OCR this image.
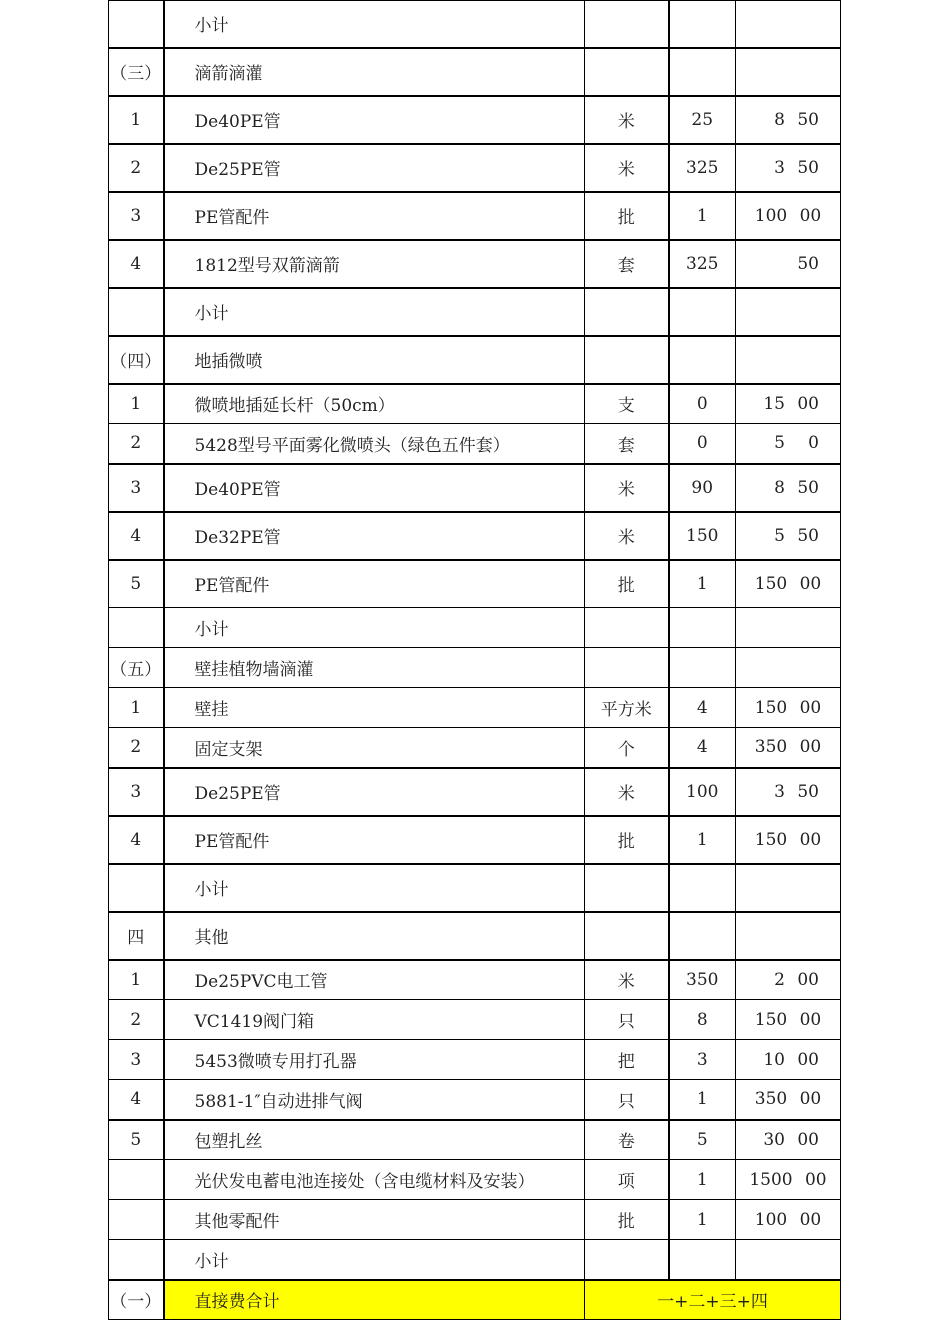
	小计			
（三）	滴箭滴灌			
1	De40PE管	米	25	8 50
2	De25PE管	米	325	3 50
3	PE管配件	批	1	100 00
4	1812型号双箭滴箭	套	325	50
	小计			
（四）	地插微喷			
1	微喷地插延长杆（50cm）	支	0	15 00
2	5428型号平面雾化微喷头（绿色五件套）	套	0	5 0
3	De40PE管	米	90	8 50
4	De32PE管	米	150	5 50
5	PE管配件	批	1	150 00
	小计			
（五）	壁挂植物墙滴灌			
1	壁挂	平方米	4	150 00
2	固定支架	个	4	350 00
3	De25PE管	米	100	3 50
4	PE管配件	批	1	150 00
	小计			
四	其他			
1	De25PVC电工管	米	350	2 00
2	VC1419阀门箱	只	8	150 00
3	5453微喷专用打孔器	把	3	10 00
4	5881-1″自动进排气阀	只	1	350 00
5	包塑扎丝	卷	5	30 00
	光伏发电蓄电池连接处（含电缆材料及安装）	项	1	1500 00
	其他零配件	批	1	100 00
	小计			
（一）	直接费合计	一+二+三+四		
